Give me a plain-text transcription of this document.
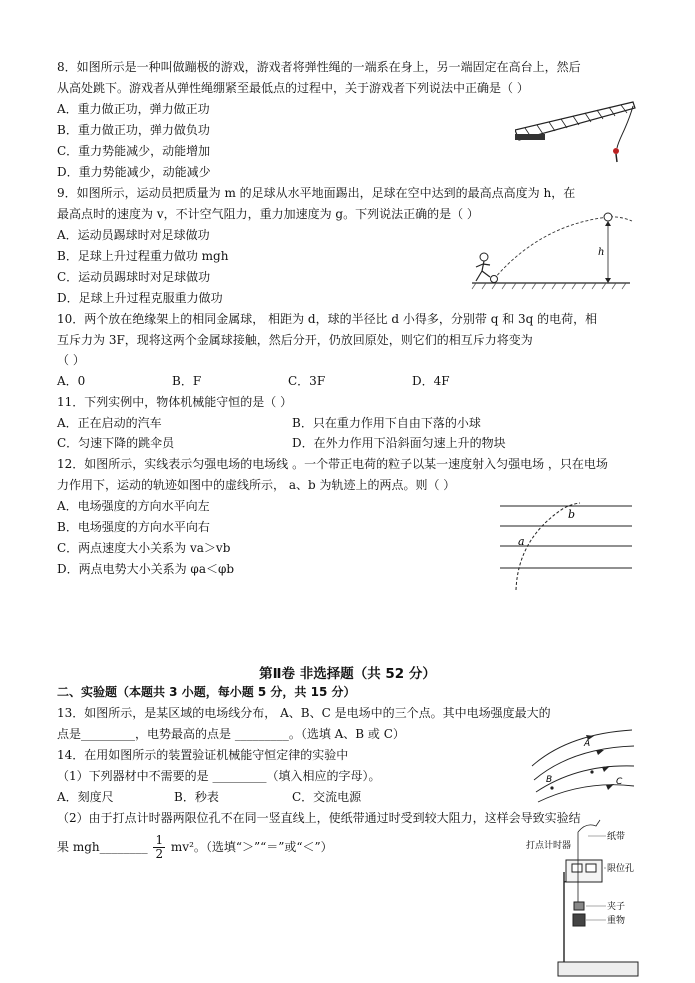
8．如图所示是一种叫做蹦极的游戏，游戏者将弹性绳的一端系在身上，另一端固定在高台上，然后
从高处跳下。游戏者从弹性绳绷紧至最低点的过程中，关于游戏者下列说法中正确是（ ）
A．重力做正功，弹力做正功
B．重力做正功，弹力做负功
C．重力势能减少，动能增加
D．重力势能减少，动能减少
9．如图所示，运动员把质量为 m 的足球从水平地面踢出，足球在空中达到的最高点高度为 h，在
最高点时的速度为 v，不计空气阻力，重力加速度为 g。下列说法正确的是（ ）
A．运动员踢球时对足球做功
B．足球上升过程重力做功 mgh
C．运动员踢球时对足球做功
D．足球上升过程克服重力做功
h
10．两个放在绝缘架上的相同金属球， 相距为 d，球的半径比 d 小得多，分别带 q 和 3q 的电荷，相
互斥力为 3F，现将这两个金属球接触，然后分开，仍放回原处，则它们的相互斥力将变为
（ ）
A．0	B．F	C．3F	D．4F
11．下列实例中，物体机械能守恒的是（ ）
A．正在启动的汽车	B．只在重力作用下自由下落的小球
C．匀速下降的跳伞员	D．在外力作用下沿斜面匀速上升的物块
12．如图所示，实线表示匀强电场的电场线 。一个带正电荷的粒子以某一速度射入匀强电场 ，只在电场
力作用下，运动的轨迹如图中的虚线所示， a、b 为轨迹上的两点。则（ ）
A．电场强度的方向水平向左
B．电场强度的方向水平向右
C．两点速度大小关系为 va＞vb
D．两点电势大小关系为 φa＜φb
b
a
第Ⅱ卷 非选择题（共 52 分）
二、实验题（本题共 3 小题，每小题 5 分，共 15 分）
13．如图所示，是某区域的电场线分布， A、B、C 是电场中的三个点。其中电场强度最大的
点是_________，电势最高的点是 _________。（选填 A、B 或 C）
A
B	C
14．在用如图所示的装置验证机械能守恒定律的实验中
（1）下列器材中不需要的是 _________（填入相应的字母）。
A．刻度尺	B．秒表	C．交流电源
（2）由于打点计时器两限位孔不在同一竖直线上，使纸带通过时受到较大阻力，这样会导致实验结
果 mgh________ $\frac{1}{2} mv^2$。（选填“＞”“＝”或“＜”）	打点计时器
纸带
限位孔
夹子
重物
